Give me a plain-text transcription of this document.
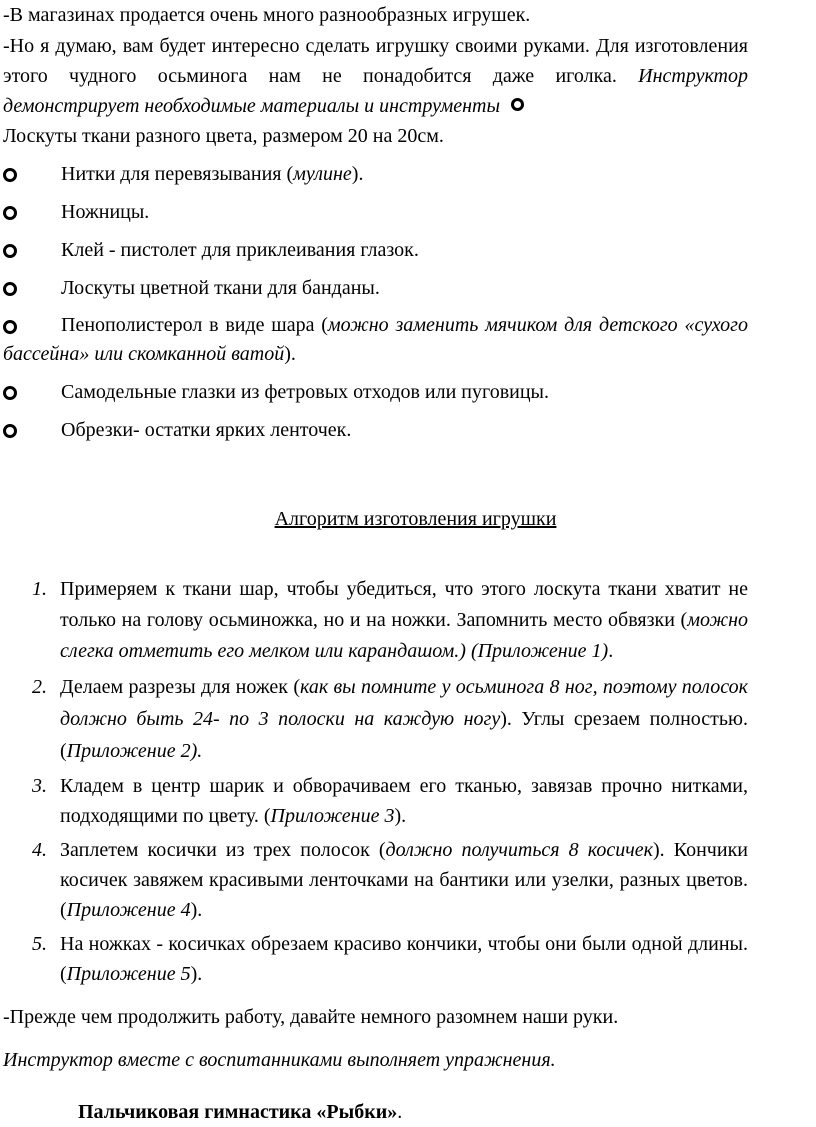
-В магазинах продается очень много разнообразных игрушек.

-Но я думаю, вам будет интересно сделать игрушку своими руками. Для изготовления этого чудного осьминога нам не понадобится даже иголка. Инструктор демонстрирует необходимые материалы и инструменты
Лоскуты ткани разного цвета, размером 20 на 20см.

Нитки для перевязывания (мулине).
Ножницы.
Клей - пистолет для приклеивания глазок.
Лоскуты цветной ткани для банданы.
Пенополистерол в виде шара (можно заменить мячиком для детского «сухого бассейна» или скомканной ватой).
Самодельные глазки из фетровых отходов или пуговицы.
Обрезки- остатки ярких ленточек.

Алгоритм изготовления игрушки

1. Примеряем к ткани шар, чтобы убедиться, что этого лоскута ткани хватит не только на голову осьминожка, но и на ножки. Запомнить место обвязки (можно слегка отметить его мелком или карандашом.) (Приложение 1).
2. Делаем разрезы для ножек (как вы помните у осьминога 8 ног, поэтому полосок должно быть 24- по 3 полоски на каждую ногу). Углы срезаем полностью. (Приложение 2).
3. Кладем в центр шарик и обворачиваем его тканью, завязав прочно нитками, подходящими по цвету. (Приложение 3).
4. Заплетем косички из трех полосок (должно получиться 8 косичек). Кончики косичек завяжем красивыми ленточками на бантики или узелки, разных цветов. (Приложение 4).
5. На ножках - косичках обрезаем красиво кончики, чтобы они были одной длины. (Приложение 5).

-Прежде чем продолжить работу, давайте немного разомнем наши руки.

Инструктор вместе с воспитанниками выполняет упражнения.

Пальчиковая гимнастика «Рыбки».
